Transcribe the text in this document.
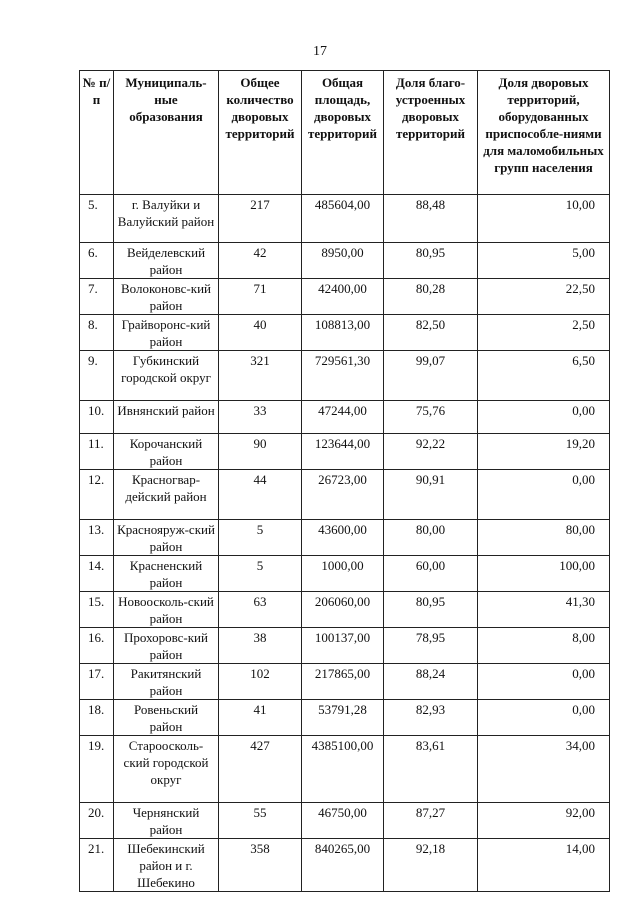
17
№ п/п	Муниципаль-ные образования	Общее количество дворовых территорий	Общая площадь, дворовых территорий	Доля благо-устроенных дворовых территорий	Доля дворовых территорий, оборудованных приспособле-ниями для маломобильных групп населения
5.	г. Валуйки и Валуйский район	217	485604,00	88,48	10,00
6.	Вейделевский район	42	8950,00	80,95	5,00
7.	Волоконовс-кий район	71	42400,00	80,28	22,50
8.	Грайворонс-кий район	40	108813,00	82,50	2,50
9.	Губкинский городской округ	321	729561,30	99,07	6,50
10.	Ивнянский район	33	47244,00	75,76	0,00
11.	Корочанский район	90	123644,00	92,22	19,20
12.	Красногвар-дейский район	44	26723,00	90,91	0,00
13.	Краснояруж-ский район	5	43600,00	80,00	80,00
14.	Красненский район	5	1000,00	60,00	100,00
15.	Новоосколь-ский район	63	206060,00	80,95	41,30
16.	Прохоровс-кий район	38	100137,00	78,95	8,00
17.	Ракитянский район	102	217865,00	88,24	0,00
18.	Ровеньский район	41	53791,28	82,93	0,00
19.	Староосколь-ский городской округ	427	4385100,00	83,61	34,00
20.	Чернянский район	55	46750,00	87,27	92,00
21.	Шебекинский район и г. Шебекино	358	840265,00	92,18	14,00
